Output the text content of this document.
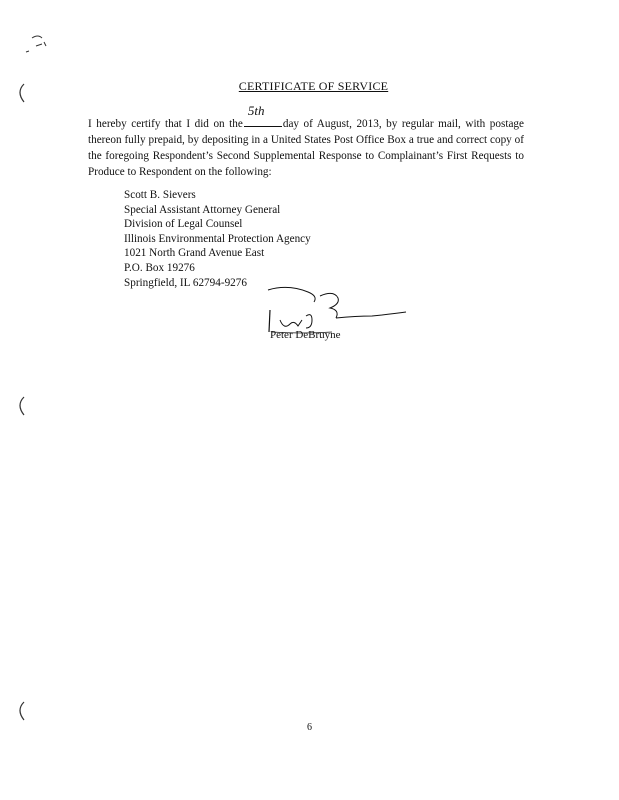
CERTIFICATE OF SERVICE
I hereby certify that I did on the
5th
day of August, 2013, by regular mail, with postage thereon fully prepaid, by depositing in a United States Post Office Box a true and correct copy of the foregoing Respondent’s Second Supplemental Response to Complainant’s First Requests to Produce to Respondent on the following:
Scott B. Sievers
Special Assistant Attorney General
Division of Legal Counsel
Illinois Environmental Protection Agency
1021 North Grand Avenue East
P.O. Box 19276
Springfield, IL 62794-9276
Peter DeBruyne
6
